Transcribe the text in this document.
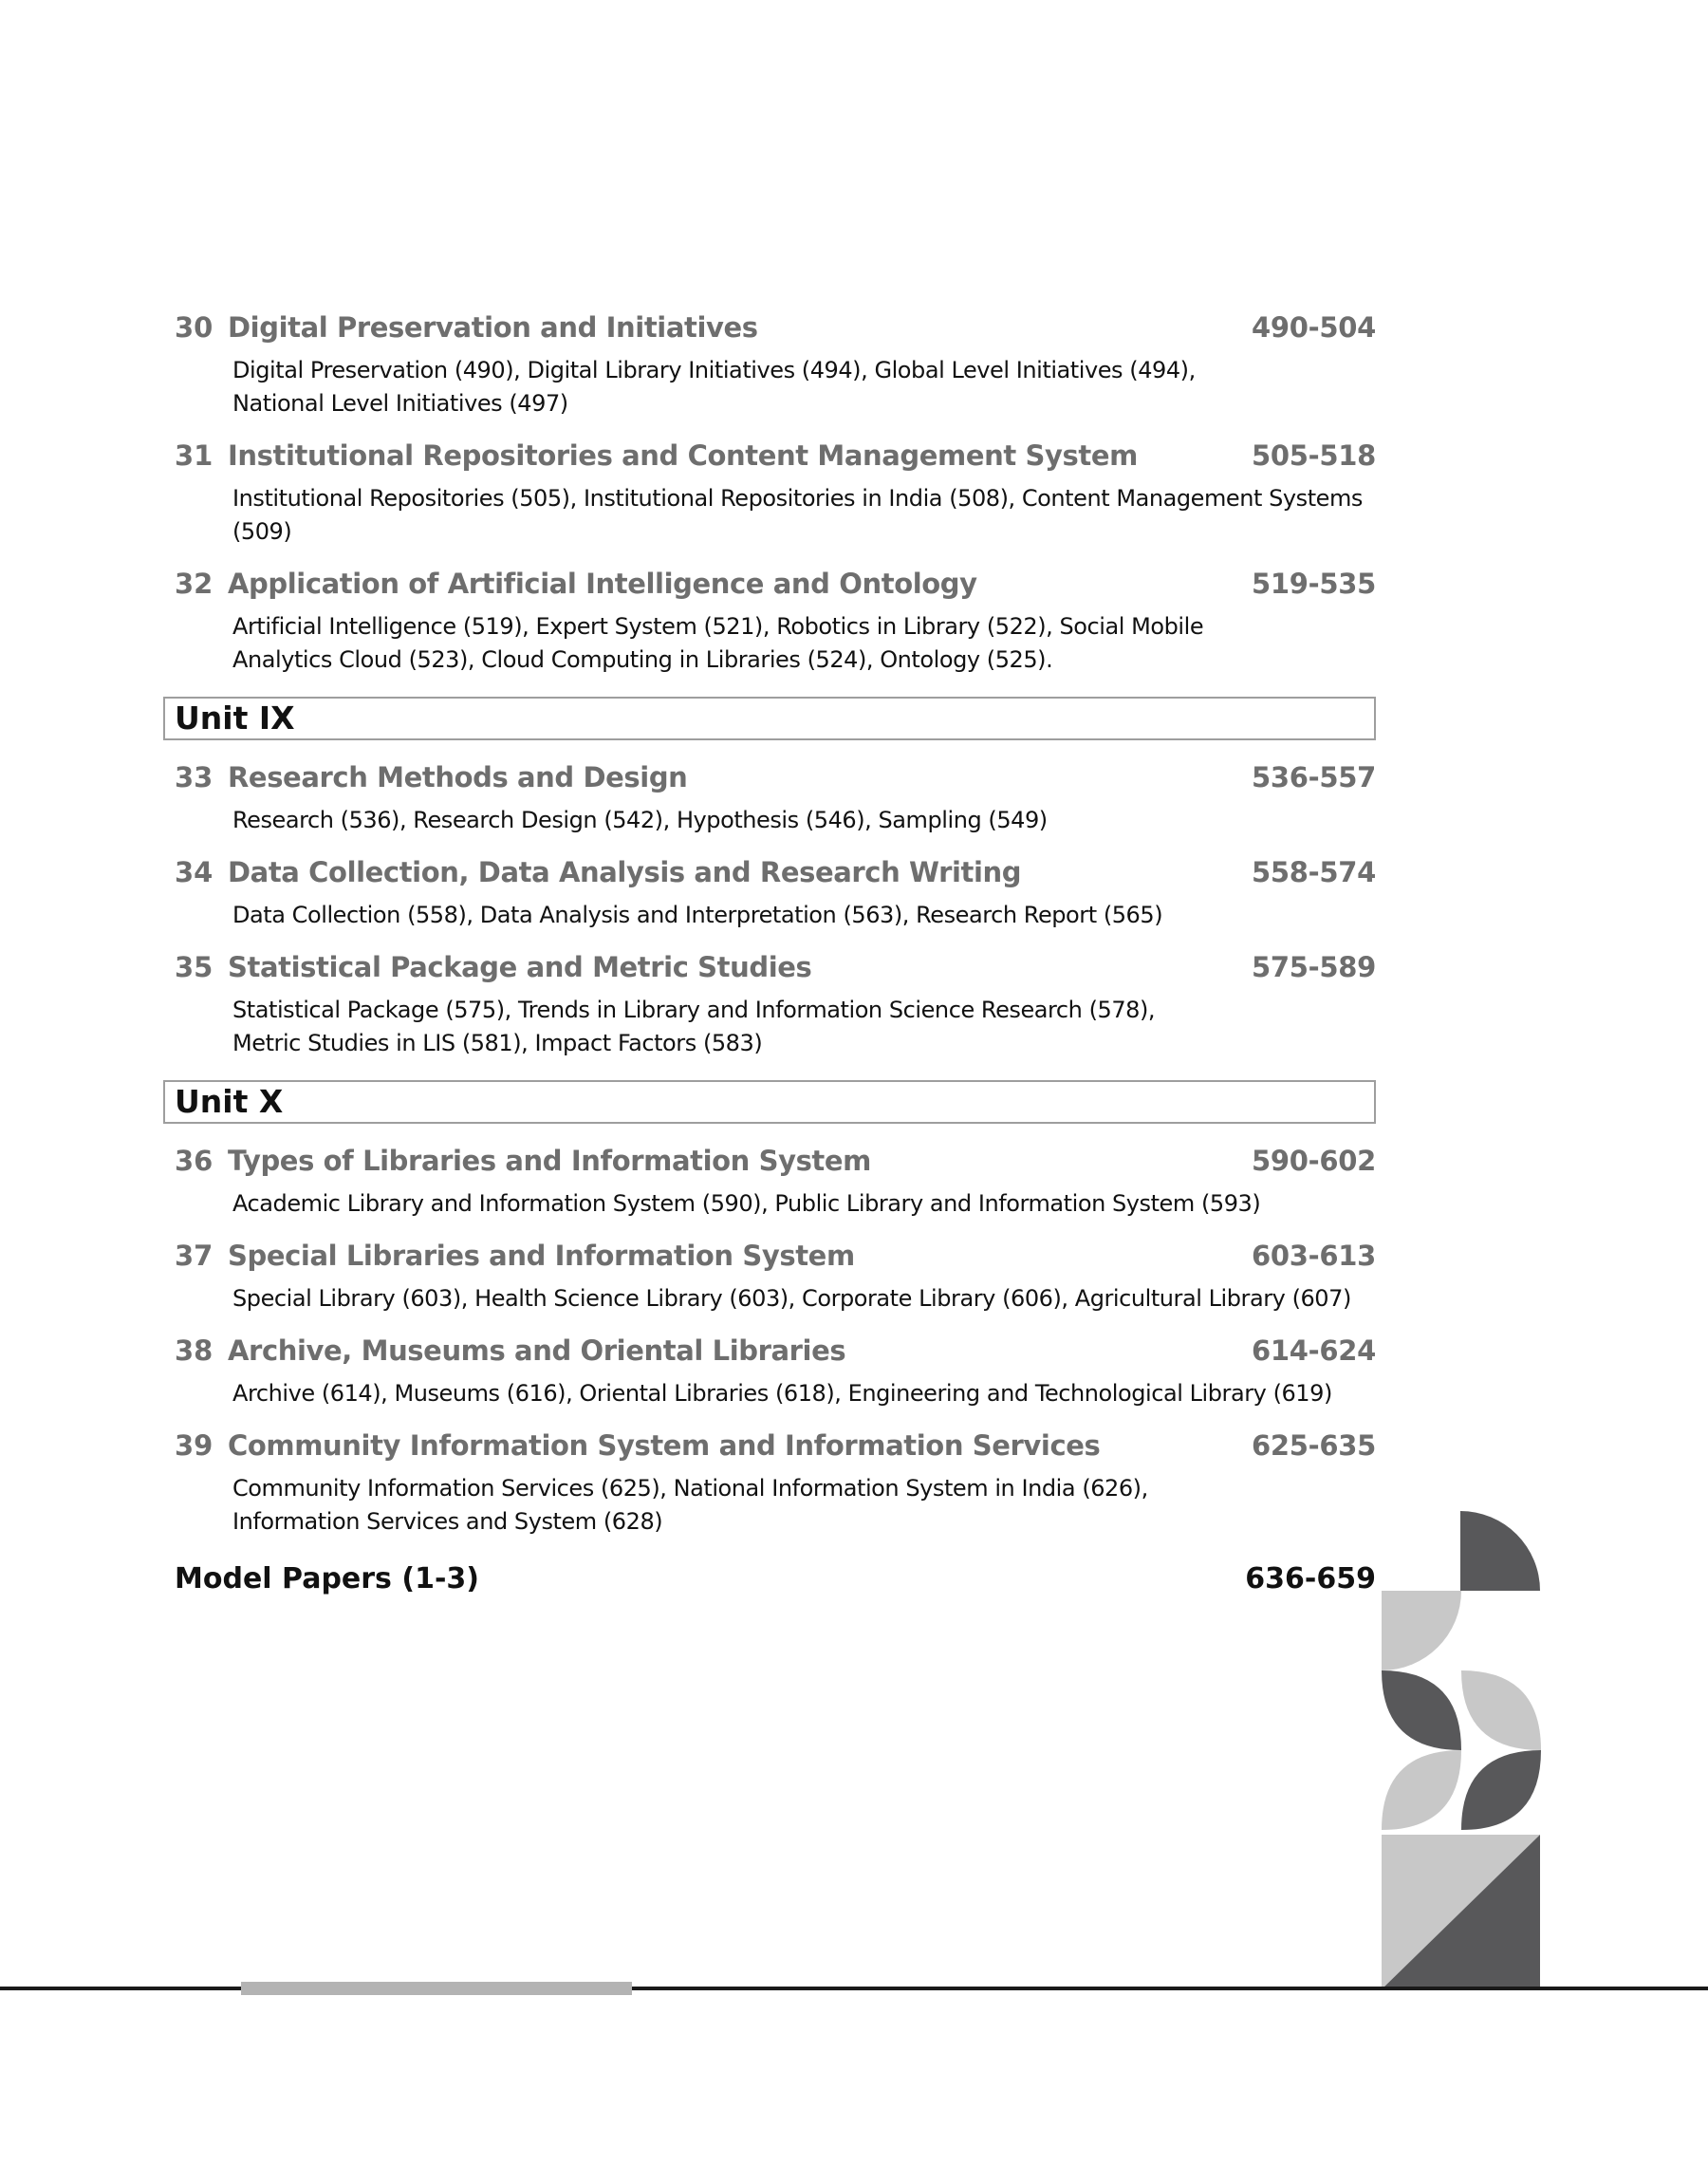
30 Digital Preservation and Initiatives	490-504
Digital Preservation (490), Digital Library Initiatives (494), Global Level Initiatives (494),
National Level Initiatives (497)
31 Institutional Repositories and Content Management System	505-518
Institutional Repositories (505), Institutional Repositories in India (508), Content Management Systems
(509)
32 Application of Artificial Intelligence and Ontology	519-535
Artificial Intelligence (519), Expert System (521), Robotics in Library (522), Social Mobile
Analytics Cloud (523), Cloud Computing in Libraries (524), Ontology (525).
Unit IX
33 Research Methods and Design	536-557
Research (536), Research Design (542), Hypothesis (546), Sampling (549)
34 Data Collection, Data Analysis and Research Writing	558-574
Data Collection (558), Data Analysis and Interpretation (563), Research Report (565)
35 Statistical Package and Metric Studies	575-589
Statistical Package (575), Trends in Library and Information Science Research (578),
Metric Studies in LIS (581), Impact Factors (583)
Unit X
36 Types of Libraries and Information System	590-602
Academic Library and Information System (590), Public Library and Information System (593)
37 Special Libraries and Information System	603-613
Special Library (603), Health Science Library (603), Corporate Library (606), Agricultural Library (607)
38 Archive, Museums and Oriental Libraries	614-624
Archive (614), Museums (616), Oriental Libraries (618), Engineering and Technological Library (619)
39 Community Information System and Information Services	625-635
Community Information Services (625), National Information System in India (626),
Information Services and System (628)
Model Papers (1-3)	636-659
